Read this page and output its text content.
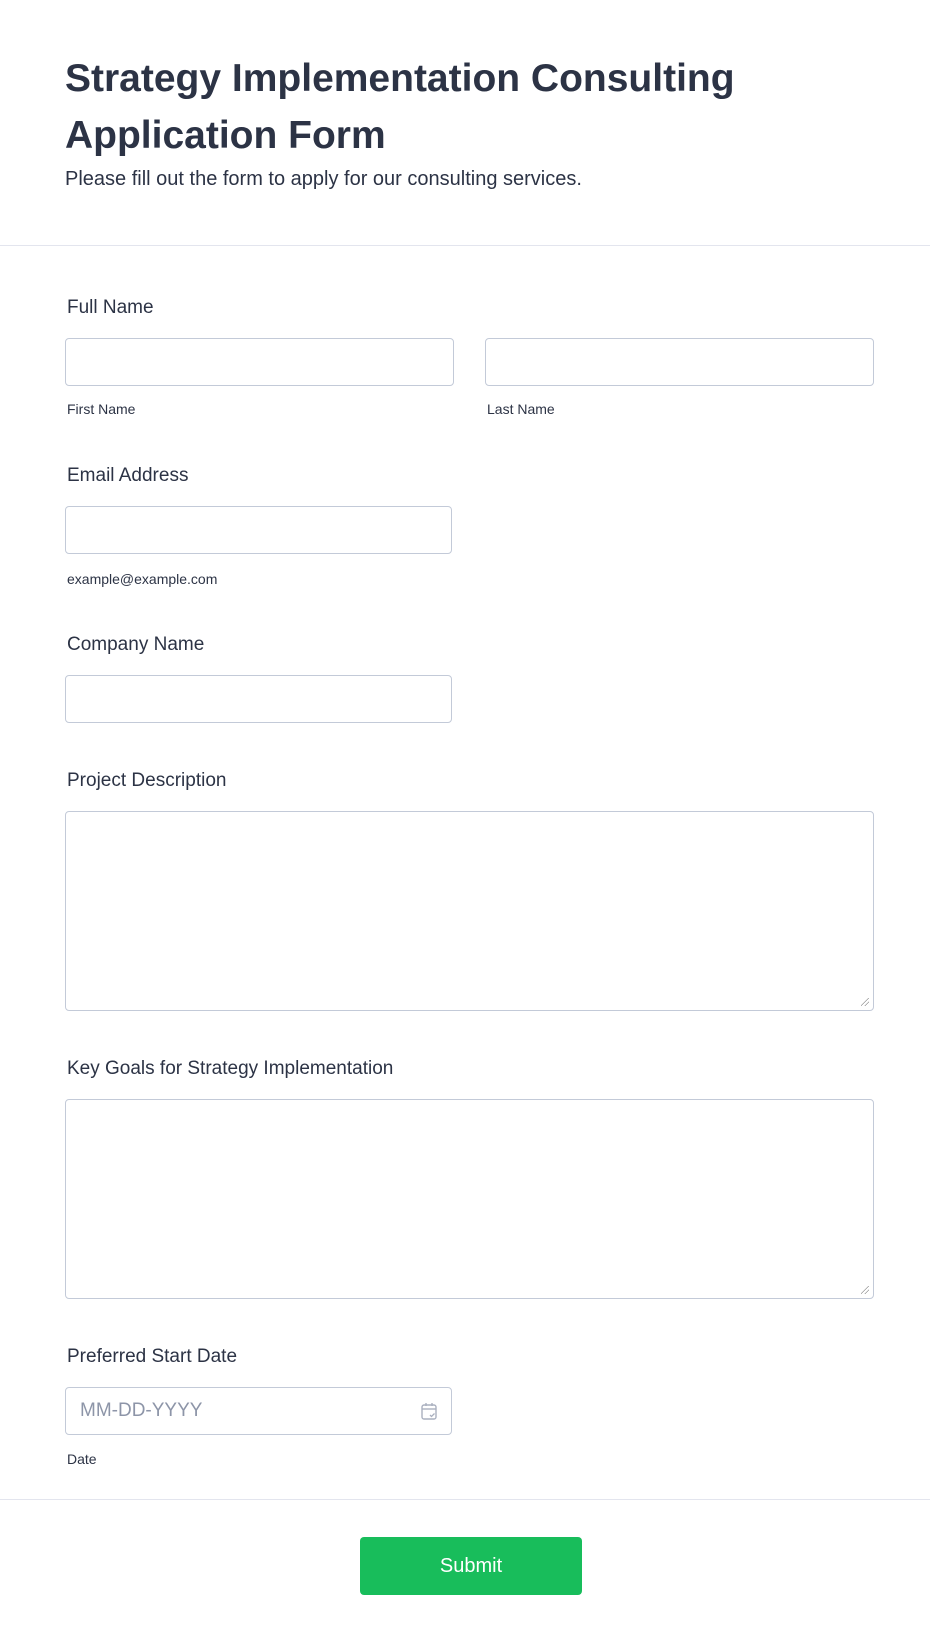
Strategy Implementation Consulting Application Form
Please fill out the form to apply for our consulting services.
Full Name
First Name	Last Name
Email Address
example@example.com
Company Name
Project Description
Key Goals for Strategy Implementation
Preferred Start Date
MM-DD-YYYY
Date
Submit
